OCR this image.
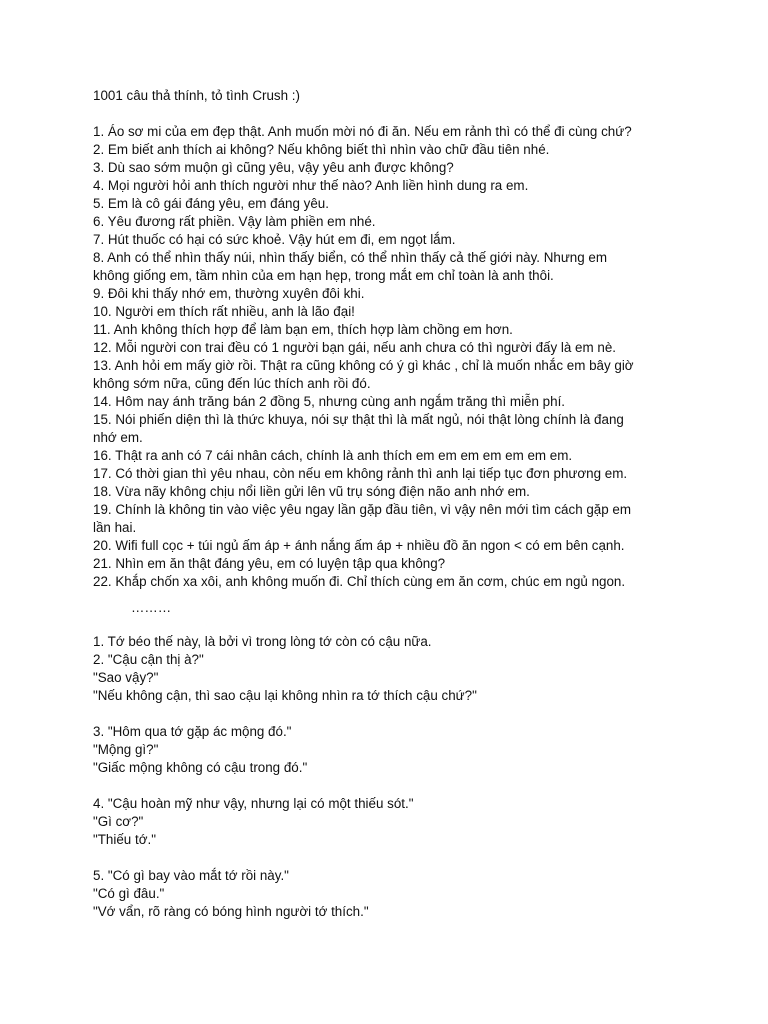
1001 câu thả thính, tỏ tình Crush :)
1. Áo sơ mi của em đẹp thật. Anh muốn mời nó đi ăn. Nếu em rảnh thì có thể đi cùng chứ?
2. Em biết anh thích ai không? Nếu không biết thì nhìn vào chữ đầu tiên nhé.
3. Dù sao sớm muộn gì cũng yêu, vậy yêu anh được không?
4. Mọi người hỏi anh thích người như thế nào? Anh liền hình dung ra em.
5. Em là cô gái đáng yêu, em đáng yêu.
6. Yêu đương rất phiền. Vậy làm phiền em nhé.
7. Hút thuốc có hại có sức khoẻ. Vậy hút em đi, em ngọt lắm.
8. Anh có thể nhìn thấy núi, nhìn thấy biển, có thể nhìn thấy cả thế giới này. Nhưng em
không giống em, tầm nhìn của em hạn hẹp, trong mắt em chỉ toàn là anh thôi.
9. Đôi khi thấy nhớ em, thường xuyên đôi khi.
10. Người em thích rất nhiều, anh là lão đại!
11. Anh không thích hợp để làm bạn em, thích hợp làm chồng em hơn.
12. Mỗi người con trai đều có 1 người bạn gái, nếu anh chưa có thì người đấy là em nè.
13. Anh hỏi em mấy giờ rồi. Thật ra cũng không có ý gì khác , chỉ là muốn nhắc em bây giờ
không sớm nữa, cũng đến lúc thích anh rồi đó.
14. Hôm nay ánh trăng bán 2 đồng 5, nhưng cùng anh ngắm trăng thì miễn phí.
15. Nói phiến diện thì là thức khuya, nói sự thật thì là mất ngủ, nói thật lòng chính là đang
nhớ em.
16. Thật ra anh có 7 cái nhân cách, chính là anh thích em em em em em em em.
17. Có thời gian thì yêu nhau, còn nếu em không rảnh thì anh lại tiếp tục đơn phương em.
18. Vừa nãy không chịu nổi liền gửi lên vũ trụ sóng điện não anh nhớ em.
19. Chính là không tin vào việc yêu ngay lần gặp đầu tiên, vì vậy nên mới tìm cách gặp em
lần hai.
20. Wifi full cọc + túi ngủ ấm áp + ánh nắng ấm áp + nhiều đồ ăn ngon < có em bên cạnh.
21. Nhìn em ăn thật đáng yêu, em có luyện tập qua không?
22. Khắp chốn xa xôi, anh không muốn đi. Chỉ thích cùng em ăn cơm, chúc em ngủ ngon.
………
1. Tớ béo thế này, là bởi vì trong lòng tớ còn có cậu nữa.
2. "Cậu cận thị à?"
"Sao vậy?"
"Nếu không cận, thì sao cậu lại không nhìn ra tớ thích cậu chứ?"
3. "Hôm qua tớ gặp ác mộng đó."
"Mộng gì?"
"Giấc mộng không có cậu trong đó."
4. "Cậu hoàn mỹ như vậy, nhưng lại có một thiếu sót."
"Gì cơ?"
"Thiếu tớ."
5. "Có gì bay vào mắt tớ rồi này."
"Có gì đâu."
"Vớ vẩn, rõ ràng có bóng hình người tớ thích."
